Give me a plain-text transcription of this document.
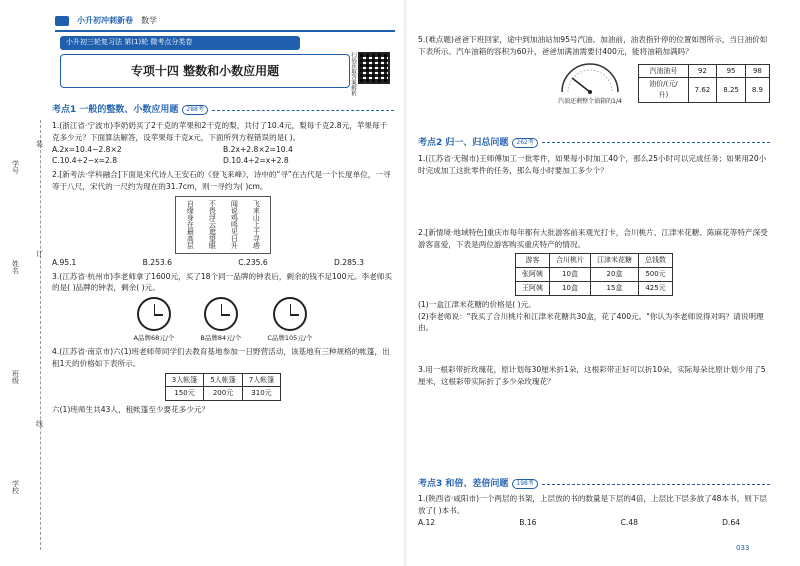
学号
姓名
班级
学校
装
订
线
小升初冲刺新卷 数学
小升初三轮复习法 第(1)轮 微考点分类卷
专项十四 整数和小数应用题	扫码获取答案解析
考点1 一般的整数、小数应用题	288考
1.(浙江省·宁波市)李奶奶买了2千克的苹果和2千克的梨，共付了10.4元，梨每千克2.8元，苹果每千克多少元？下面算法解答，设苹果每千克x元，下面所列方程错误的是( )。
A.2x=10.4−2.8×2	B.2x+2.8×2=10.4
C.10.4÷2−x=2.8	D.10.4÷2=x+2.8
2.[新考法·学科融合]下面是宋代诗人王安石的《登飞来峰》，诗中的“寻”在古代是一个长度单位，一寻等于八尺，宋代的一尺约为现在的31.7cm，则一寻约为( )cm。
飞来山上千寻塔
闻说鸡鸣见日升
不畏浮云遮望眼
自缘身在最高层
A.95.1	B.253.6	C.235.6	D.285.3
3.(江苏省·杭州市)李老师拿了1600元，买了18个同一品牌的钟表后，剩余的钱不足100元。李老师买的是( )品牌的钟表，剩余( )元。
A品牌68元/个	B品牌84元/个	C品牌105元/个
4.(江苏省·南京市)六(1)班老师带同学们去教育基地参加一日野营活动，该基地有三种规格的帐篷，出租1天的价格如下表所示。
3人帐篷	5人帐篷	7人帐篷
150元	200元	310元
六(1)班师生共43人，租帐篷至少要花多少元？
5.(难点题)爸爸下班回家，途中到加油站加95号汽油。加油前，油表指针停的位置如图所示，当日油价如下表所示。汽车油箱的容积为60升，爸爸加满油需要付400元，能将油箱加满吗？
汽油还剩整个油箱的1/4
汽油油号	92	95	98
油价/(元/升)	7.62	8.25	8.9
考点2 归一、归总问题	262考
1.(江苏省·无锡市)王师傅加工一批零件，如果每小时加工40个，那么25小时可以完成任务；如果用20小时完成加工这批零件的任务，那么每小时要加工多少个？
2.[新情境·地域特色]重庆市每年都有大批游客前来观光打卡，合川桃片、江津米花糖、陈麻花等特产深受游客喜爱，下表是两位游客购买重庆特产的情况。
游客	合川桃片	江津米花糖	总钱数
张阿姨	10盒	20盒	500元
王阿姨	10盒	15盒	425元
(1)一盒江津米花糖的价格是( )元。
(2)李老师说："我买了合川桃片和江津米花糖共30盒，花了400元。"你认为李老师说得对吗？请说明理由。
3.用一根彩带折玫瑰花，原计划每30厘米折1朵，这根彩带正好可以折10朵，实际每朵比原计划少用了5厘米，这根彩带实际折了多少朵玫瑰花？
考点3 和倍、差倍问题	198考
1.(陕西省·咸阳市)一个两层的书架，上层放的书的数量是下层的4倍，上层比下层多放了48本书，则下层放了( )本书。
A.12	B.16	C.48	D.64
033
